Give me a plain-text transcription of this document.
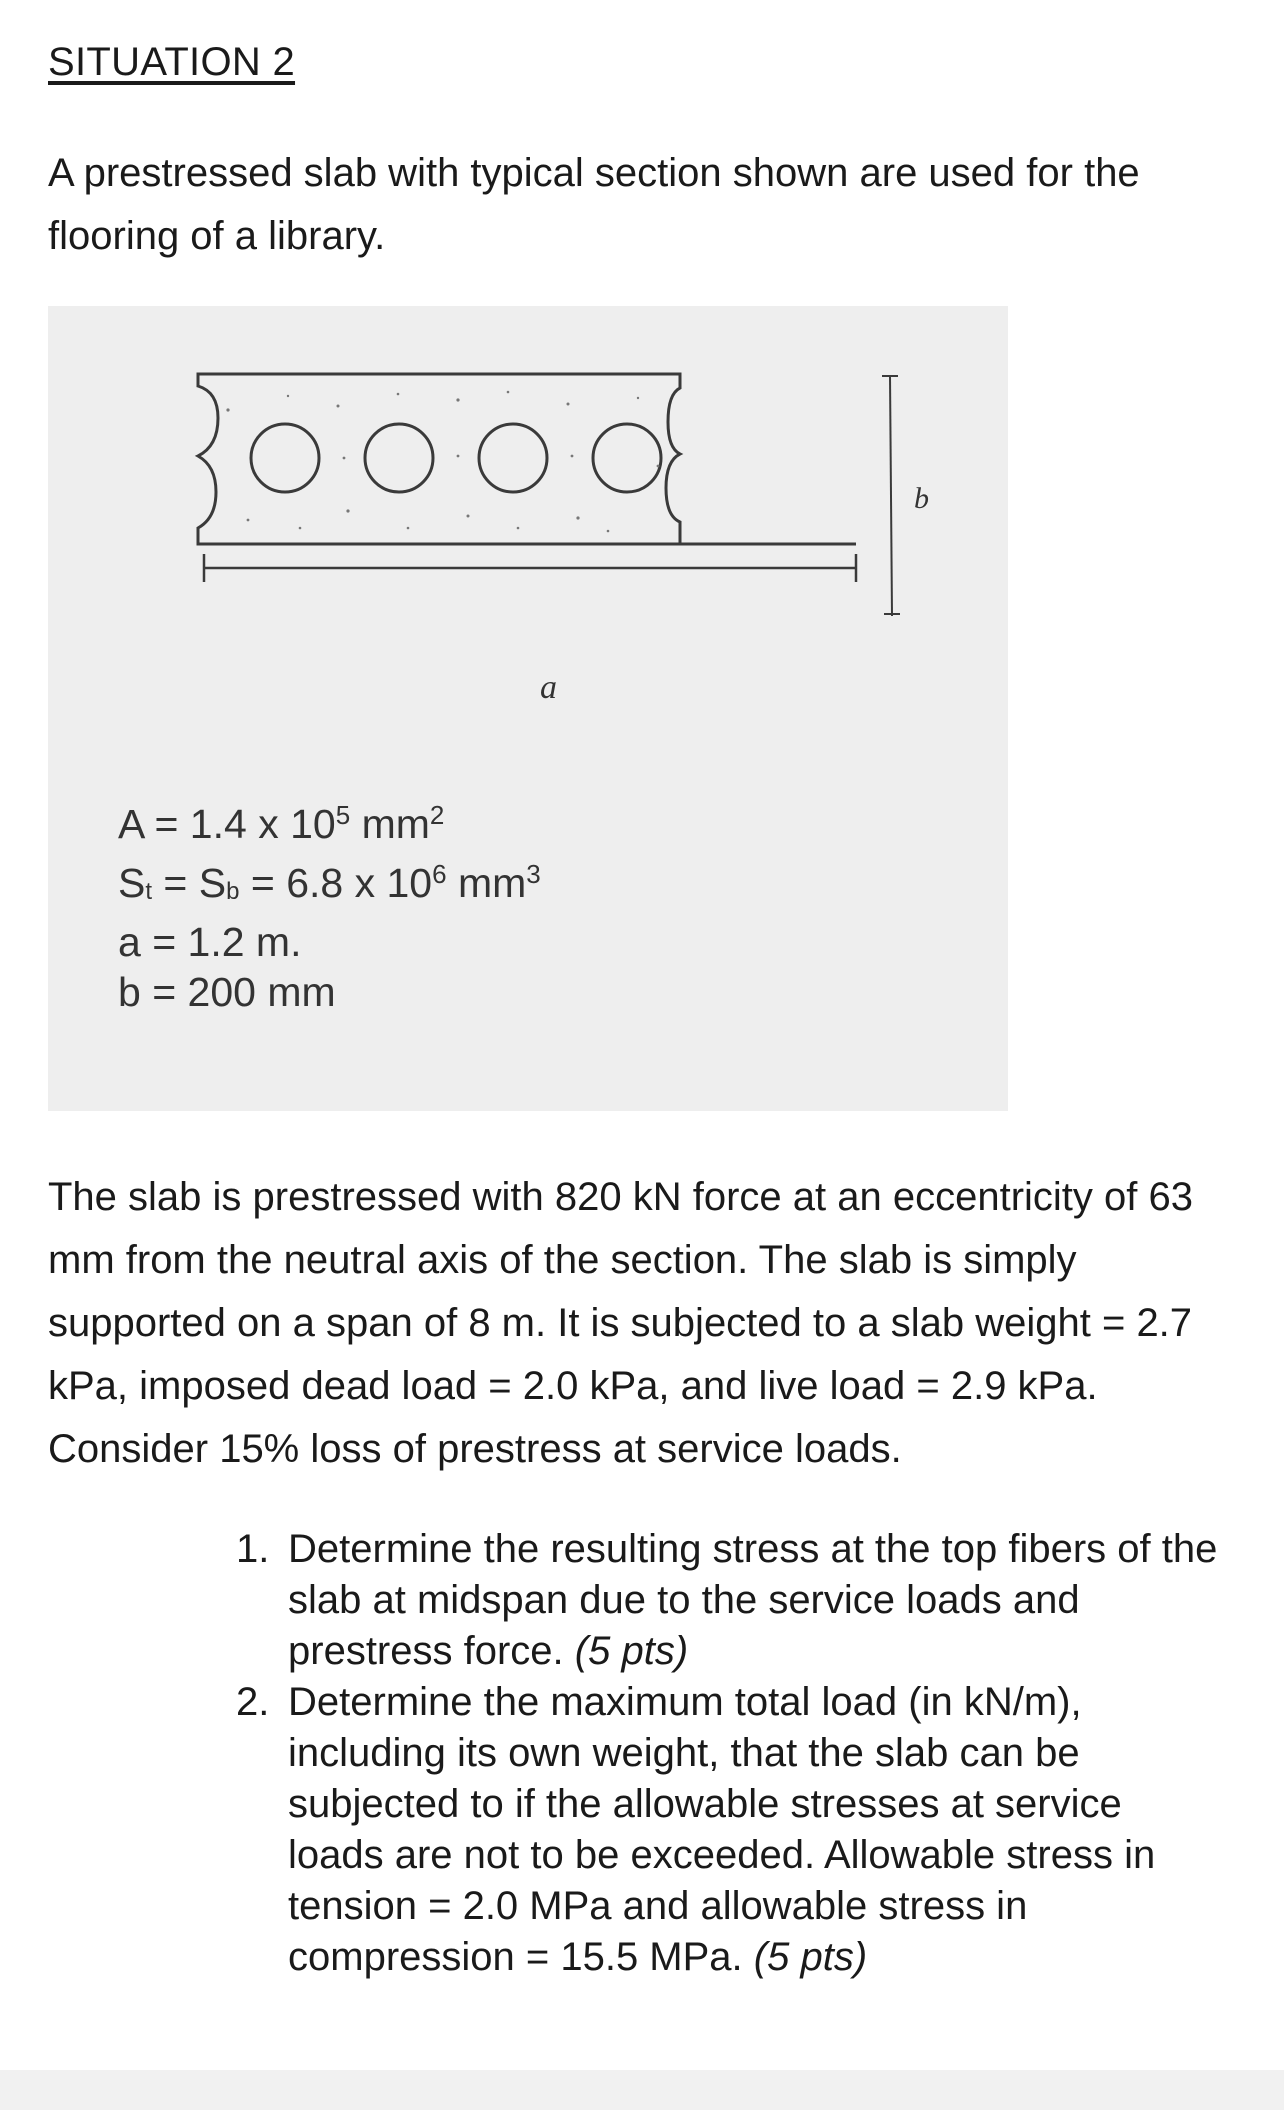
SITUATION 2
A prestressed slab with typical section shown are used for the flooring of a library.
a
b
A = 1.4 x $10^5$ $mm^2$
$S_t = S_b = 6.8$ x $10^6$ $mm^3$
a = 1.2 m.
b = 200 mm
The slab is prestressed with 820 kN force at an eccentricity of 63 mm from the neutral axis of the section. The slab is simply supported on a span of 8 m. It is subjected to a slab weight = 2.7 kPa, imposed dead load = 2.0 kPa, and live load = 2.9 kPa. Consider 15% loss of prestress at service loads.
1. Determine the resulting stress at the top fibers of the slab at midspan due to the service loads and prestress force. (5 pts)
2. Determine the maximum total load (in kN/m), including its own weight, that the slab can be subjected to if the allowable stresses at service loads are not to be exceeded. Allowable stress in tension = 2.0 MPa and allowable stress in compression = 15.5 MPa. (5 pts)
